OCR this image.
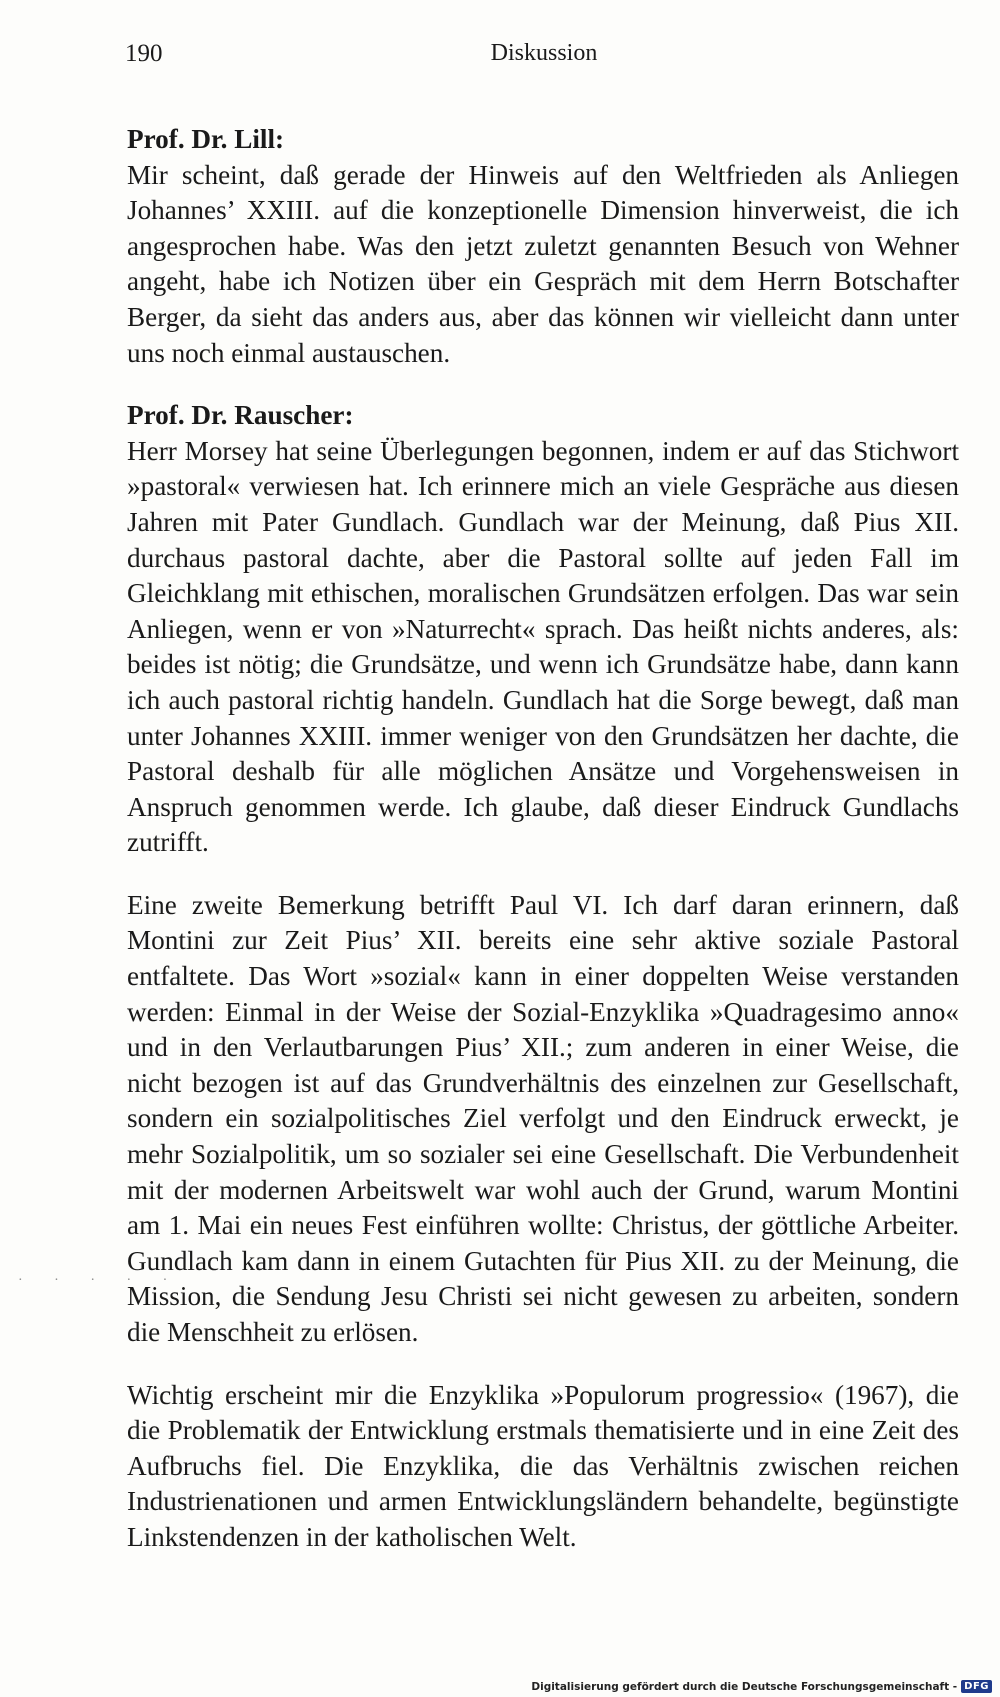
190	Diskussion

Prof. Dr. Lill:

Mir scheint, daß gerade der Hinweis auf den Weltfrieden als Anliegen Johannes’ XXIII. auf die konzeptionelle Dimension hinverweist, die ich angesprochen habe. Was den jetzt zuletzt genannten Besuch von Wehner angeht, habe ich Notizen über ein Gespräch mit dem Herrn Botschafter Berger, da sieht das anders aus, aber das können wir vielleicht dann unter uns noch einmal austauschen.

Prof. Dr. Rauscher:

Herr Morsey hat seine Überlegungen begonnen, indem er auf das Stichwort »pastoral« verwiesen hat. Ich erinnere mich an viele Gespräche aus diesen Jahren mit Pater Gundlach. Gundlach war der Meinung, daß Pius XII. durchaus pastoral dachte, aber die Pastoral sollte auf jeden Fall im Gleichklang mit ethischen, moralischen Grundsätzen erfolgen. Das war sein Anliegen, wenn er von »Naturrecht« sprach. Das heißt nichts anderes, als: beides ist nötig; die Grundsätze, und wenn ich Grundsätze habe, dann kann ich auch pastoral richtig handeln. Gundlach hat die Sorge bewegt, daß man unter Johannes XXIII. immer weniger von den Grundsätzen her dachte, die Pastoral deshalb für alle möglichen Ansätze und Vorgehensweisen in Anspruch genommen werde. Ich glaube, daß dieser Eindruck Gundlachs zutrifft.

Eine zweite Bemerkung betrifft Paul VI. Ich darf daran erinnern, daß Montini zur Zeit Pius’ XII. bereits eine sehr aktive soziale Pastoral entfaltete. Das Wort »sozial« kann in einer doppelten Weise verstanden werden: Einmal in der Weise der Sozial-Enzyklika »Quadragesimo anno« und in den Verlautbarungen Pius’ XII.; zum anderen in einer Weise, die nicht bezogen ist auf das Grundverhältnis des einzelnen zur Gesellschaft, sondern ein sozialpolitisches Ziel verfolgt und den Eindruck erweckt, je mehr Sozialpolitik, um so sozialer sei eine Gesellschaft. Die Verbundenheit mit der modernen Arbeitswelt war wohl auch der Grund, warum Montini am 1. Mai ein neues Fest einführen wollte: Christus, der göttliche Arbeiter. Gundlach kam dann in einem Gutachten für Pius XII. zu der Meinung, die Mission, die Sendung Jesu Christi sei nicht gewesen zu arbeiten, sondern die Menschheit zu erlösen.

Wichtig erscheint mir die Enzyklika »Populorum progressio« (1967), die die Problematik der Entwicklung erstmals thematisierte und in eine Zeit des Aufbruchs fiel. Die Enzyklika, die das Verhältnis zwischen reichen Industrienationen und armen Entwicklungsländern behandelte, begünstigte Linkstendenzen in der katholischen Welt.

· · · · ·
Digitalisierung gefördert durch die Deutsche Forschungsgemeinschaft - DFG
